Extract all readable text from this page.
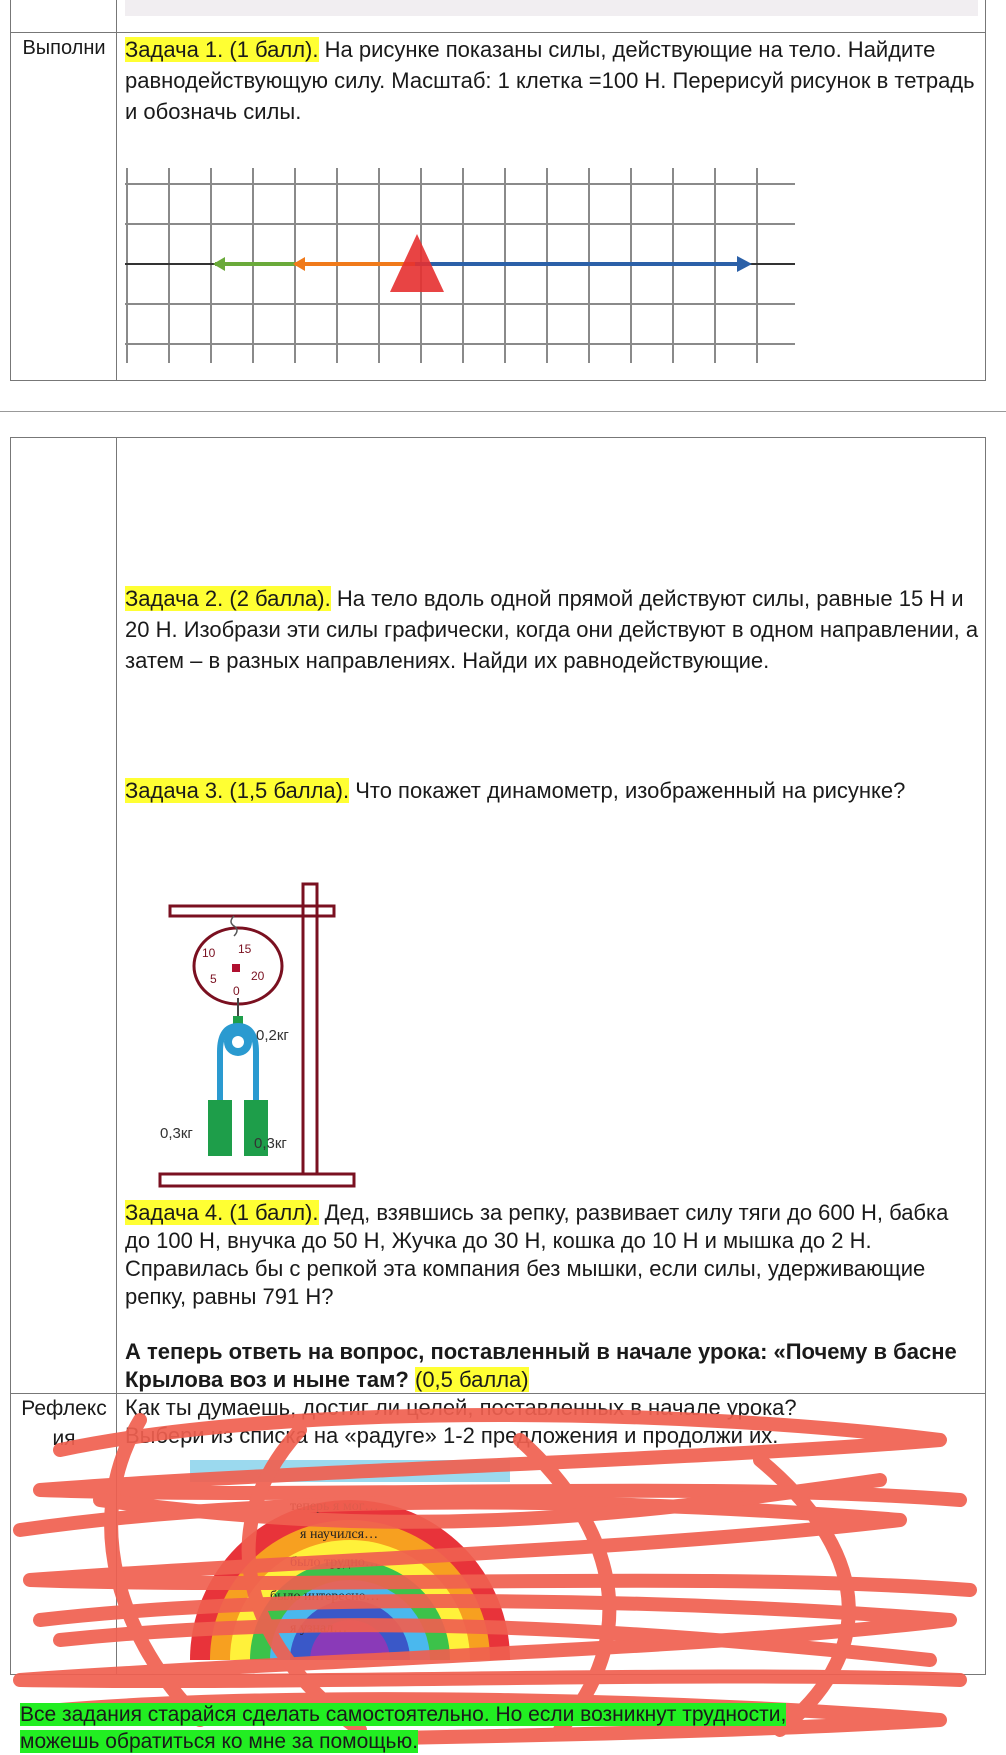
Выполни Задача 1. (1 балл). На рисунке показаны силы, действующие на тело. Найдите равнодействующую силу. Масштаб: 1 клетка =100 Н. Перерисуй рисунок в тетрадь и обозначь силы.

Задача 2. (2 балла). На тело вдоль одной прямой действуют силы, равные 15 Н и 20 Н. Изобрази эти силы графически, когда они действуют в одном направлении, а затем – в разных направлениях. Найди их равнодействующие.

Задача 3. (1,5 балла). Что покажет динамометр, изображенный на рисунке?

10 15
5	20
0
0,2кг
0,3кг
0,3кг

Задача 4. (1 балл). Дед, взявшись за репку, развивает силу тяги до 600 Н, бабка до 100 Н, внучка до 50 Н, Жучка до 30 Н, кошка до 10 Н и мышка до 2 Н. Справилась бы с репкой эта компания без мышки, если силы, удерживающие репку, равны 791 Н?

А теперь ответь на вопрос, поставленный в начале урока: «Почему в басне Крылова воз и ныне там? (0,5 балла)

Рефлексия
Как ты думаешь, достиг ли целей, поставленных в начале урока?
Выбери из списка на «радуге» 1-2 предложения и продолжи их.
теперь я мог…
я научился…
было трудно…
было интересно…
я узнал…
Все задания старайся сделать самостоятельно. Но если возникнут трудности,
можешь обратиться ко мне за помощью.
